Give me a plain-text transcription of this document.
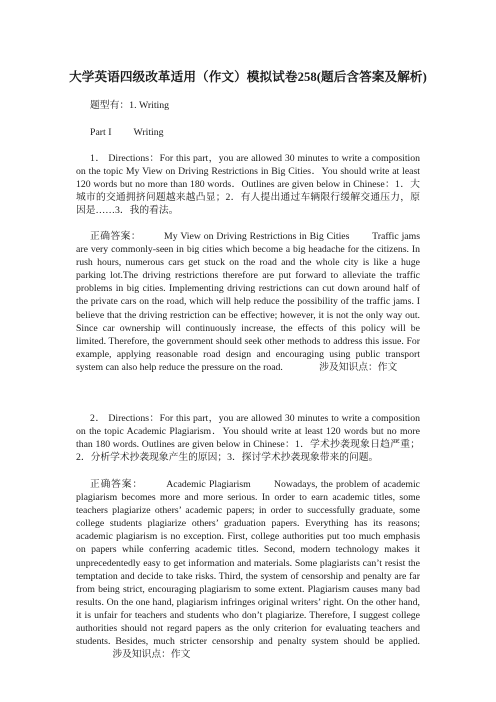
大学英语四级改革适用（作文）模拟试卷258(题后含答案及解析)
题型有：1. Writing
Part I Writing

1． Directions：For this part，you are allowed 30 minutes to write a composition on the topic My View on Driving Restrictions in Big Cities．You should write at least 120 words but no more than 180 words．Outlines are given below in Chinese：1．大城市的交通拥挤问题越来越凸显；2．有人提出通过车辆限行缓解交通压力，原因是……3．我的看法。

正确答案： My View on Driving Restrictions in Big Cities Traffic jams are very commonly-seen in big cities which become a big headache for the citizens. In rush hours, numerous cars get stuck on the road and the whole city is like a huge parking lot.The driving restrictions therefore are put forward to alleviate the traffic problems in big cities. Implementing driving restrictions can cut down around half of the private cars on the road, which will help reduce the possibility of the traffic jams. I believe that the driving restriction can be effective; however, it is not the only way out. Since car ownership will continuously increase, the effects of this policy will be limited. Therefore, the government should seek other methods to address this issue. For example, applying reasonable road design and encouraging using public transport system can also help reduce the pressure on the road.	涉及知识点：作文

2． Directions：For this part，you are allowed 30 minutes to write a composition on the topic Academic Plagiarism．You should write at least 120 words but no more than 180 words. Outlines are given below in Chinese：1．学术抄袭现象日趋严重；2．分析学术抄袭现象产生的原因；3．探讨学术抄袭现象带来的问题。

正确答案： Academic Plagiarism Nowadays, the problem of academic plagiarism becomes more and more serious. In order to earn academic titles, some teachers plagiarize others’ academic papers; in order to successfully graduate, some college students plagiarize others’ graduation papers. Everything has its reasons; academic plagiarism is no exception. First, college authorities put too much emphasis on papers while conferring academic titles. Second, modern technology makes it unprecedentedly easy to get information and materials. Some plagiarists can’t resist the temptation and decide to take risks. Third, the system of censorship and penalty are far from being strict, encouraging plagiarism to some extent. Plagiarism causes many bad results. On the one hand, plagiarism infringes original writers’ right. On the other hand, it is unfair for teachers and students who don’t plagiarize. Therefore, I suggest college authorities should not regard papers as the only criterion for evaluating teachers and students. Besides, much stricter censorship and penalty system should be applied. 涉及知识点：作文
